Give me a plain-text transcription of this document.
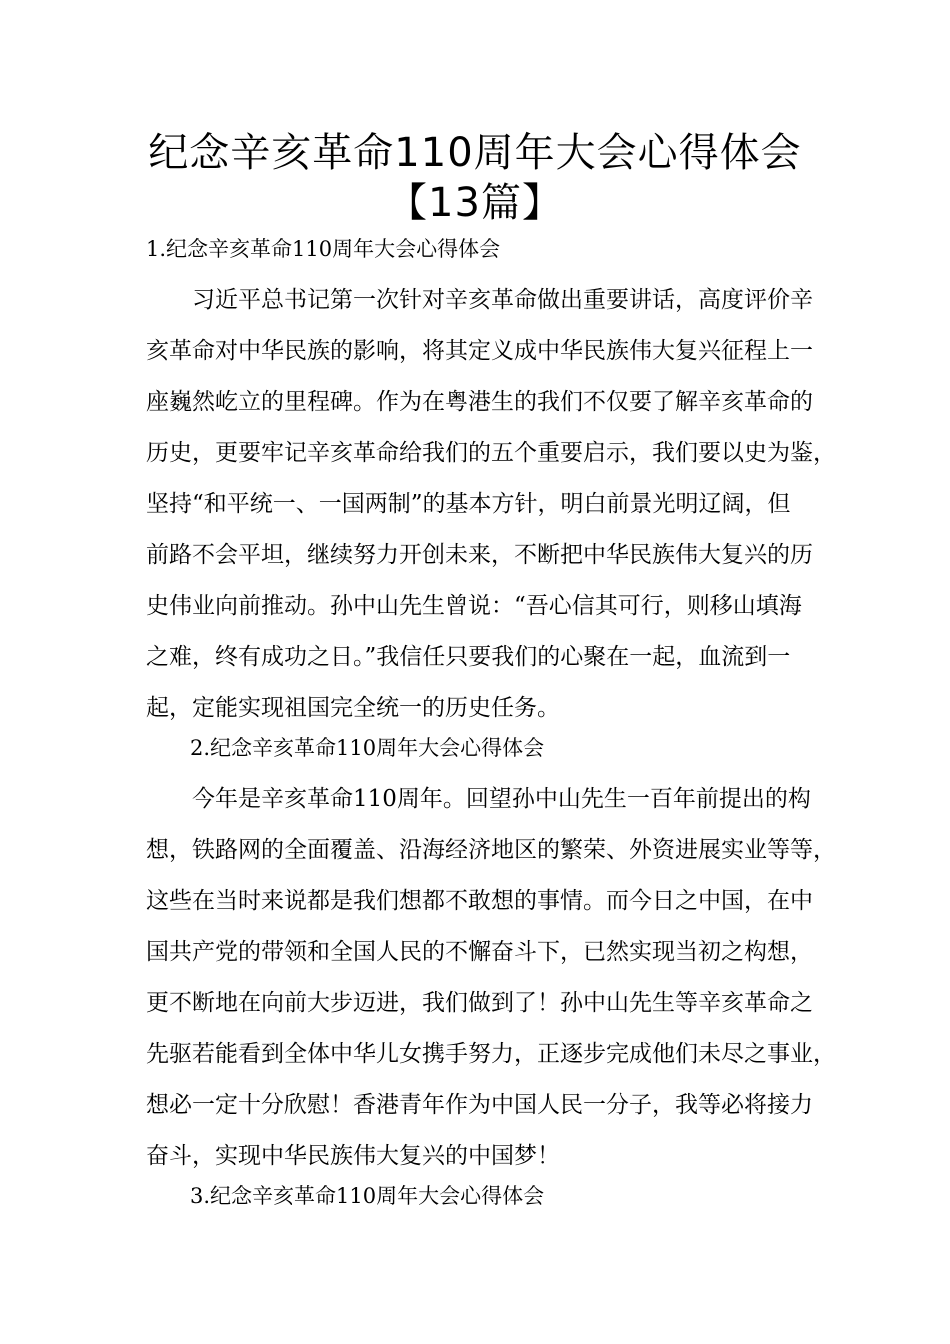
纪念辛亥革命110周年大会心得体会
【13篇】

1.纪念辛亥革命110周年大会心得体会

习近平总书记第一次针对辛亥革命做出重要讲话，高度评价辛
亥革命对中华民族的影响，将其定义成中华民族伟大复兴征程上一
座巍然屹立的里程碑。作为在粤港生的我们不仅要了解辛亥革命的
历史，更要牢记辛亥革命给我们的五个重要启示，我们要以史为鉴，
坚持“和平统一、一国两制”的基本方针，明白前景光明辽阔，但
前路不会平坦，继续努力开创未来，不断把中华民族伟大复兴的历
史伟业向前推动。孙中山先生曾说：“吾心信其可行，则移山填海
之难，终有成功之日。”我信任只要我们的心聚在一起，血流到一
起，定能实现祖国完全统一的历史任务。

2.纪念辛亥革命110周年大会心得体会

今年是辛亥革命110周年。回望孙中山先生一百年前提出的构
想，铁路网的全面覆盖、沿海经济地区的繁荣、外资进展实业等等，
这些在当时来说都是我们想都不敢想的事情。而今日之中国，在中
国共产党的带领和全国人民的不懈奋斗下，已然实现当初之构想，
更不断地在向前大步迈进，我们做到了！孙中山先生等辛亥革命之
先驱若能看到全体中华儿女携手努力，正逐步完成他们未尽之事业，
想必一定十分欣慰！香港青年作为中国人民一分子，我等必将接力
奋斗，实现中华民族伟大复兴的中国梦！

3.纪念辛亥革命110周年大会心得体会
